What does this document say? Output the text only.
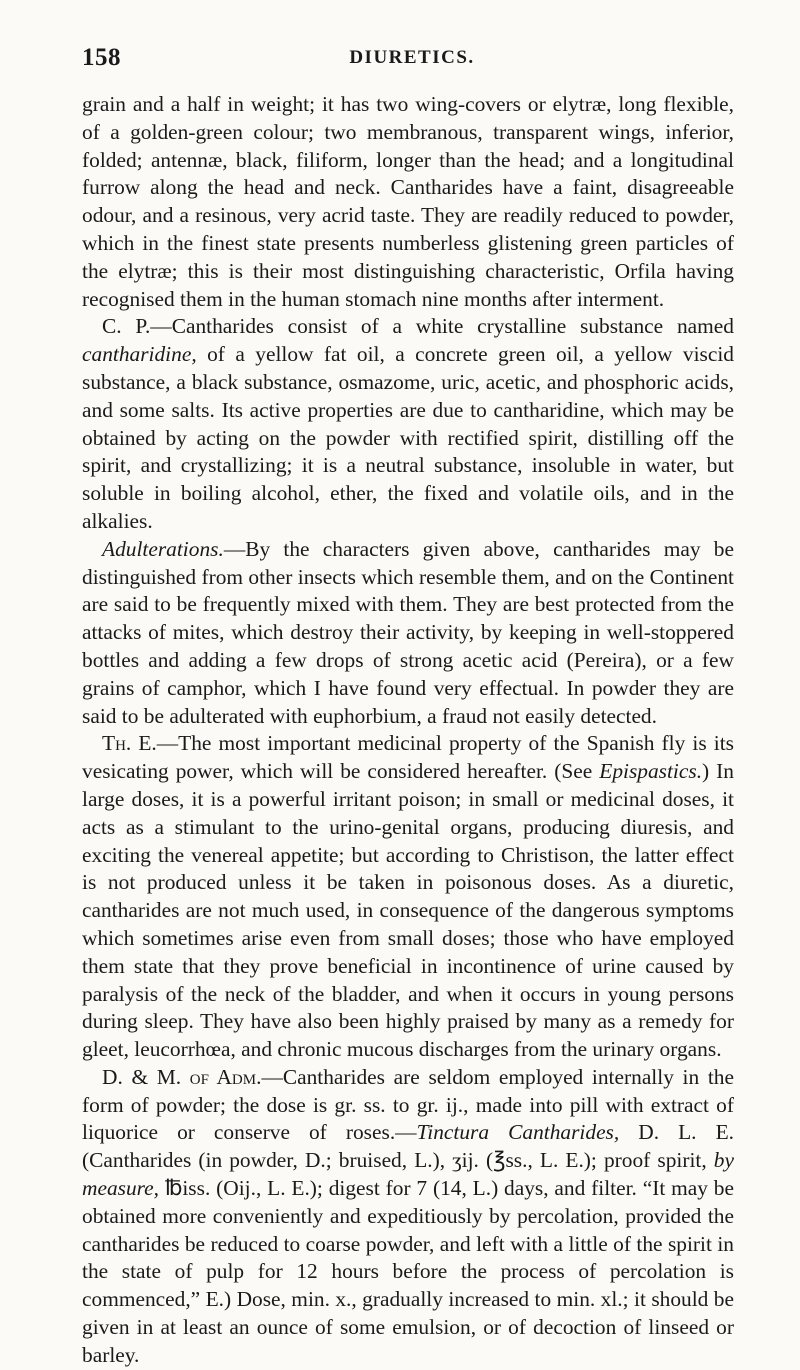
158	DIURETICS.

grain and a half in weight; it has two wing-covers or elytræ, long flexible, of a golden-green colour; two membranous, transparent wings, inferior, folded; antennæ, black, filiform, longer than the head; and a longitudinal furrow along the head and neck. Cantharides have a faint, disagreeable odour, and a resinous, very acrid taste. They are readily reduced to powder, which in the finest state presents numberless glistening green particles of the elytræ; this is their most distinguishing characteristic, Orfila having recognised them in the human stomach nine months after interment.

C. P.—Cantharides consist of a white crystalline substance named cantharidine, of a yellow fat oil, a concrete green oil, a yellow viscid substance, a black substance, osmazome, uric, acetic, and phosphoric acids, and some salts. Its active properties are due to cantharidine, which may be obtained by acting on the powder with rectified spirit, distilling off the spirit, and crystallizing; it is a neutral substance, insoluble in water, but soluble in boiling alcohol, ether, the fixed and volatile oils, and in the alkalies.

Adulterations.—By the characters given above, cantharides may be distinguished from other insects which resemble them, and on the Continent are said to be frequently mixed with them. They are best protected from the attacks of mites, which destroy their activity, by keeping in well-stoppered bottles and adding a few drops of strong acetic acid (Pereira), or a few grains of camphor, which I have found very effectual. In powder they are said to be adulterated with euphorbium, a fraud not easily detected.

Th. E.—The most important medicinal property of the Spanish fly is its vesicating power, which will be considered hereafter. (See Epispastics.) In large doses, it is a powerful irritant poison; in small or medicinal doses, it acts as a stimulant to the urino-genital organs, producing diuresis, and exciting the venereal appetite; but according to Christison, the latter effect is not produced unless it be taken in poisonous doses. As a diuretic, cantharides are not much used, in consequence of the dangerous symptoms which sometimes arise even from small doses; those who have employed them state that they prove beneficial in incontinence of urine caused by paralysis of the neck of the bladder, and when it occurs in young persons during sleep. They have also been highly praised by many as a remedy for gleet, leucorrhœa, and chronic mucous discharges from the urinary organs.

D. & M. of Adm.—Cantharides are seldom employed internally in the form of powder; the dose is gr. ss. to gr. ij., made into pill with extract of liquorice or conserve of roses.—Tinctura Cantharides, D. L. E. (Cantharides (in powder, D.; bruised, L.), ʒij. (℥ss., L. E.); proof spirit, by measure, ℔iss. (Oij., L. E.); digest for 7 (14, L.) days, and filter. “It may be obtained more conveniently and expeditiously by percolation, provided the cantharides be reduced to coarse powder, and left with a little of the spirit in the state of pulp for 12 hours before the process of percolation is commenced,” E.) Dose, min. x., gradually increased to min. xl.; it should be given in at least an ounce of some emulsion, or of decoction of linseed or barley.
